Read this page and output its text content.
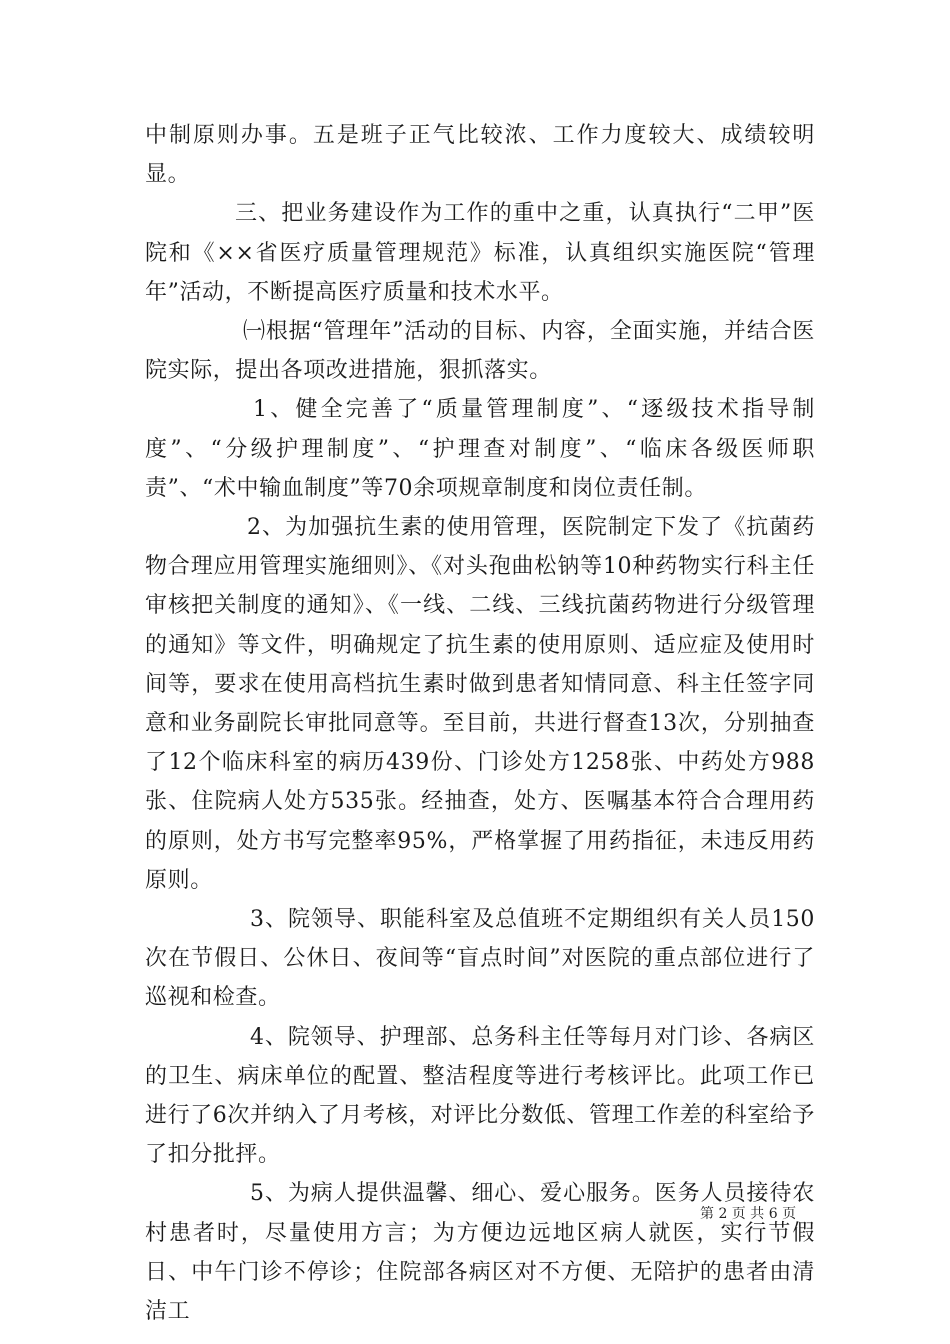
中制原则办事。五是班子正气比较浓、工作力度较大、成绩较明显。

三、把业务建设作为工作的重中之重，认真执行“二甲”医院和《××省医疗质量管理规范》标准，认真组织实施医院“管理年”活动，不断提高医疗质量和技术水平。

㈠根据“管理年”活动的目标、内容，全面实施，并结合医院实际，提出各项改进措施，狠抓落实。

1、健全完善了“质量管理制度”、“逐级技术指导制度”、“分级护理制度”、“护理查对制度”、“临床各级医师职责”、“术中输血制度”等70余项规章制度和岗位责任制。

2、为加强抗生素的使用管理，医院制定下发了《抗菌药物合理应用管理实施细则》、《对头孢曲松钠等10种药物实行科主任审核把关制度的通知》、《一线、二线、三线抗菌药物进行分级管理的通知》等文件，明确规定了抗生素的使用原则、适应症及使用时间等，要求在使用高档抗生素时做到患者知情同意、科主任签字同意和业务副院长审批同意等。至目前，共进行督查13次，分别抽查了12个临床科室的病历439份、门诊处方1258张、中药处方988张、住院病人处方535张。经抽查，处方、医嘱基本符合合理用药的原则，处方书写完整率95%，严格掌握了用药指征，未违反用药原则。

3、院领导、职能科室及总值班不定期组织有关人员150次在节假日、公休日、夜间等“盲点时间”对医院的重点部位进行了巡视和检查。

4、院领导、护理部、总务科主任等每月对门诊、各病区的卫生、病床单位的配置、整洁程度等进行考核评比。此项工作已进行了6次并纳入了月考核，对评比分数低、管理工作差的科室给予了扣分批抨。

5、为病人提供温馨、细心、爱心服务。医务人员接待农村患者时，尽量使用方言；为方便边远地区病人就医，实行节假日、中午门诊不停诊；住院部各病区对不方便、无陪护的患者由清洁工

第 2 页 共 6 页
